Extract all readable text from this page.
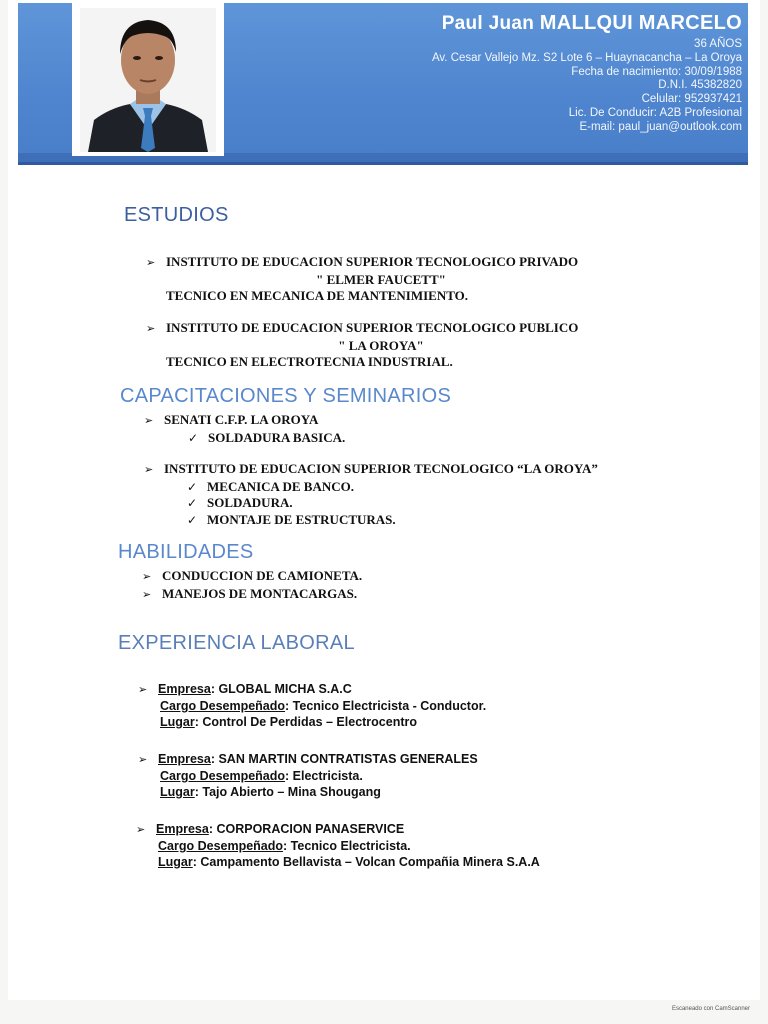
Paul Juan MALLQUI MARCELO
36 AÑOS
Av. Cesar Vallejo Mz. S2 Lote 6 – Huaynacancha – La Oroya
Fecha de nacimiento: 30/09/1988
D.N.I. 45382820
Celular: 952937421
Lic. De Conducir: A2B Profesional
E-mail: paul_juan@outlook.com
ESTUDIOS
➢ INSTITUTO DE EDUCACION SUPERIOR TECNOLOGICO PRIVADO
" ELMER FAUCETT"
TECNICO EN MECANICA DE MANTENIMIENTO.
➢ INSTITUTO DE EDUCACION SUPERIOR TECNOLOGICO PUBLICO
" LA OROYA"
TECNICO EN ELECTROTECNIA INDUSTRIAL.
CAPACITACIONES Y SEMINARIOS
➢ SENATI C.F.P. LA OROYA
✓ SOLDADURA BASICA.
➢ INSTITUTO DE EDUCACION SUPERIOR TECNOLOGICO “LA OROYA”
✓ MECANICA DE BANCO.
✓ SOLDADURA.
✓ MONTAJE DE ESTRUCTURAS.
HABILIDADES
➢ CONDUCCION DE CAMIONETA.
➢ MANEJOS DE MONTACARGAS.
EXPERIENCIA LABORAL
➢ Empresa: GLOBAL MICHA S.A.C
Cargo Desempeñado: Tecnico Electricista - Conductor.
Lugar: Control De Perdidas – Electrocentro
➢ Empresa: SAN MARTIN CONTRATISTAS GENERALES
Cargo Desempeñado: Electricista.
Lugar: Tajo Abierto – Mina Shougang
➢ Empresa: CORPORACION PANASERVICE
Cargo Desempeñado: Tecnico Electricista.
Lugar: Campamento Bellavista – Volcan Compañia Minera S.A.A
Escaneado con CamScanner
